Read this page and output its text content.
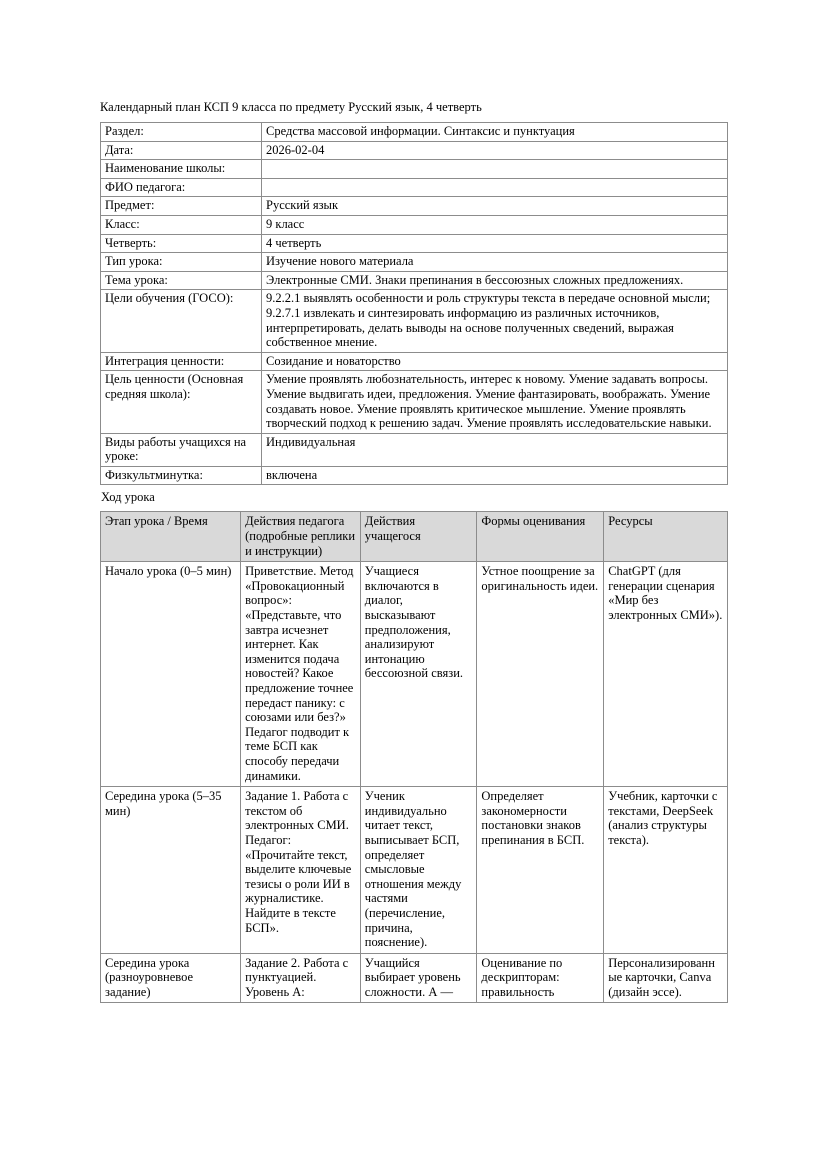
Календарный план КСП 9 класса по предмету Русский язык, 4 четверть
Раздел:	Средства массовой информации. Синтаксис и пунктуация
Дата:	2026-02-04
Наименование школы:	
ФИО педагога:	
Предмет:	Русский язык
Класс:	9 класс
Четверть:	4 четверть
Тип урока:	Изучение нового материала
Тема урока:	Электронные СМИ. Знаки препинания в бессоюзных сложных предложениях.
Цели обучения (ГОСО):	9.2.2.1 выявлять особенности и роль структуры текста в передаче основной мысли; 9.2.7.1 извлекать и синтезировать информацию из различных источников, интерпретировать, делать выводы на основе полученных сведений, выражая собственное мнение.
Интеграция ценности:	Созидание и новаторство
Цель ценности (Основная средняя школа):	Умение проявлять любознательность, интерес к новому. Умение задавать вопросы. Умение выдвигать идеи, предложения. Умение фантазировать, воображать. Умение создавать новое. Умение проявлять критическое мышление. Умение проявлять творческий подход к решению задач. Умение проявлять исследовательские навыки.
Виды работы учащихся на уроке:	Индивидуальная
Физкультминутка:	включена
Ход урока
Этап урока / Время	Действия педагога (подробные реплики и инструкции)	Действия учащегося	Формы оценивания	Ресурсы
Начало урока (0–5 мин)	Приветствие. Метод «Провокационный вопрос»: «Представьте, что завтра исчезнет интернет. Как изменится подача новостей? Какое предложение точнее передаст панику: с союзами или без?» Педагог подводит к теме БСП как способу передачи динамики.	Учащиеся включаются в диалог, высказывают предположения, анализируют интонацию бессоюзной связи.	Устное поощрение за оригинальность идеи.	ChatGPT (для генерации сценария «Мир без электронных СМИ»).
Середина урока (5–35 мин)	Задание 1. Работа с текстом об электронных СМИ. Педагог: «Прочитайте текст, выделите ключевые тезисы о роли ИИ в журналистике. Найдите в тексте БСП».	Ученик индивидуально читает текст, выписывает БСП, определяет смысловые отношения между частями (перечисление, причина, пояснение).	Определяет закономерности постановки знаков препинания в БСП.	Учебник, карточки с текстами, DeepSeek (анализ структуры текста).
Середина урока (разноуровневое задание)	Задание 2. Работа с пунктуацией. Уровень А:	Учащийся выбирает уровень сложности. А —	Оценивание по дескрипторам: правильность	Персонализированные карточки, Canva (дизайн эссе).
